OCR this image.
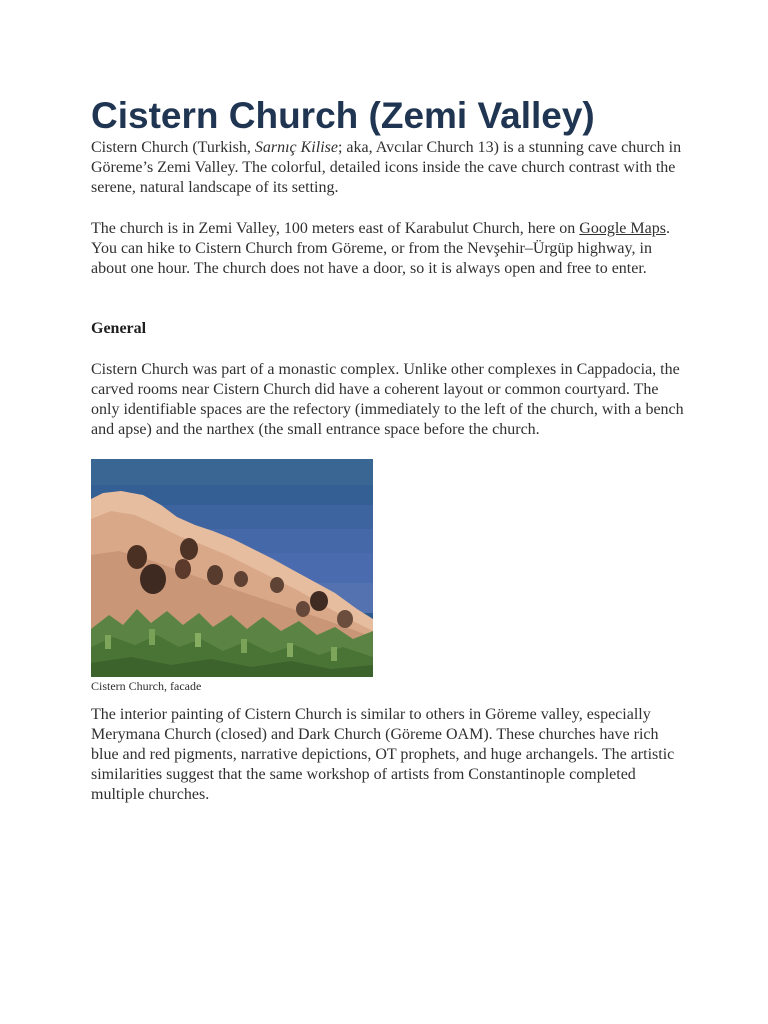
Cistern Church (Zemi Valley)

Cistern Church (Turkish, Sarnıç Kilise; aka, Avcılar Church 13) is a stunning cave church in Göreme’s Zemi Valley. The colorful, detailed icons inside the cave church contrast with the serene, natural landscape of its setting.

The church is in Zemi Valley, 100 meters east of Karabulut Church, here on Google Maps. You can hike to Cistern Church from Göreme, or from the Nevşehir–Ürgüp highway, in about one hour. The church does not have a door, so it is always open and free to enter.

General

Cistern Church was part of a monastic complex. Unlike other complexes in Cappadocia, the carved rooms near Cistern Church did have a coherent layout or common courtyard. The only identifiable spaces are the refectory (immediately to the left of the church, with a bench and apse) and the narthex (the small entrance space before the church.

Cistern Church, facade

The interior painting of Cistern Church is similar to others in Göreme valley, especially Merymana Church (closed) and Dark Church (Göreme OAM). These churches have rich blue and red pigments, narrative depictions, OT prophets, and huge archangels. The artistic similarities suggest that the same workshop of artists from Constantinople completed multiple churches.
